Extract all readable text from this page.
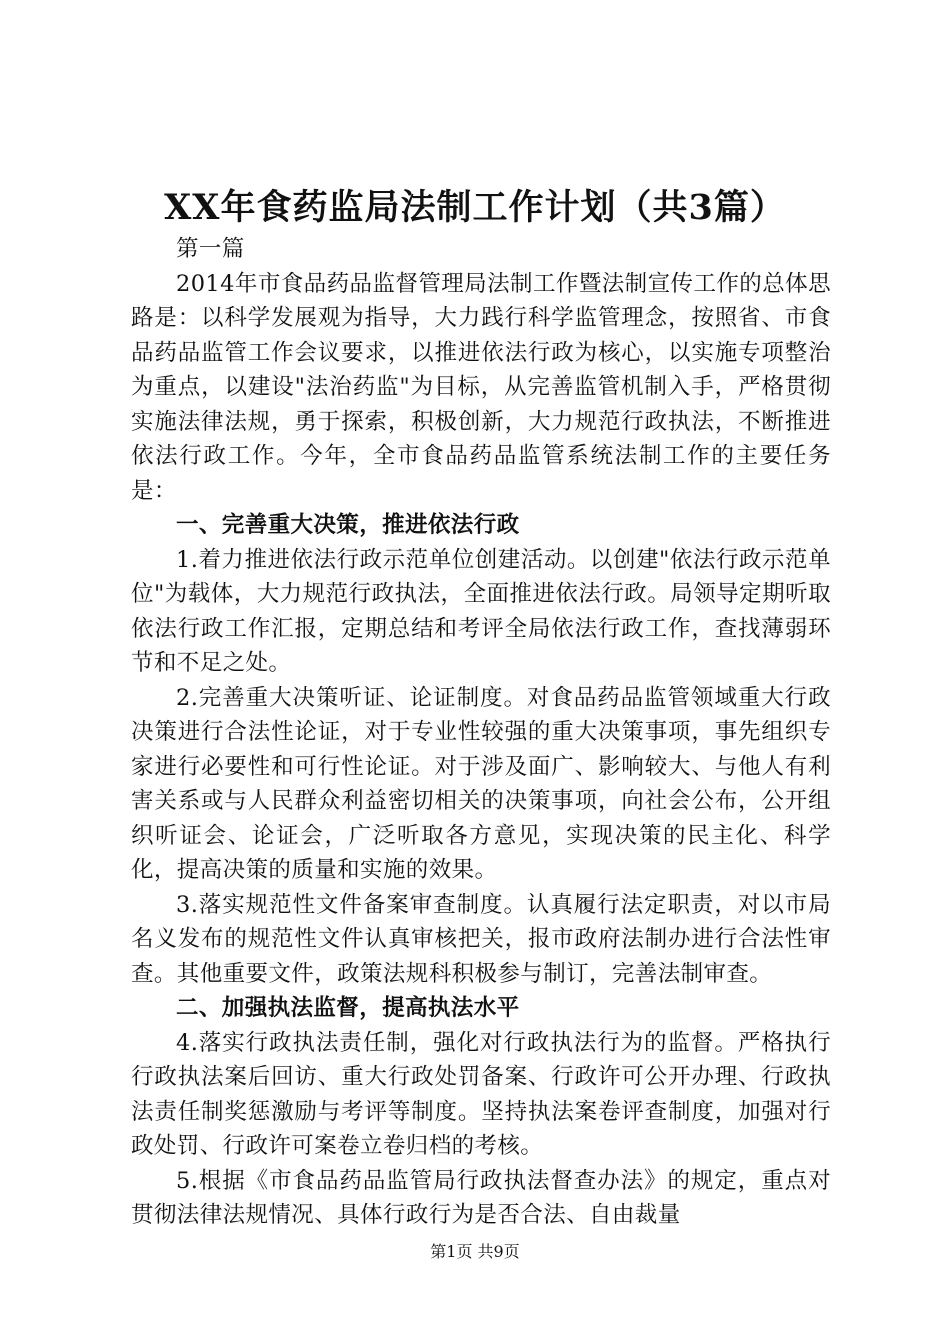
XX年食药监局法制工作计划（共3篇）

第一篇

2014年市食品药品监督管理局法制工作暨法制宣传工作的总体思路是：以科学发展观为指导，大力践行科学监管理念，按照省、市食品药品监管工作会议要求，以推进依法行政为核心，以实施专项整治为重点，以建设"法治药监"为目标，从完善监管机制入手，严格贯彻实施法律法规，勇于探索，积极创新，大力规范行政执法，不断推进依法行政工作。今年，全市食品药品监管系统法制工作的主要任务是：

一、完善重大决策，推进依法行政

1.着力推进依法行政示范单位创建活动。以创建"依法行政示范单位"为载体，大力规范行政执法，全面推进依法行政。局领导定期听取依法行政工作汇报，定期总结和考评全局依法行政工作，查找薄弱环节和不足之处。

2.完善重大决策听证、论证制度。对食品药品监管领域重大行政决策进行合法性论证，对于专业性较强的重大决策事项，事先组织专家进行必要性和可行性论证。对于涉及面广、影响较大、与他人有利害关系或与人民群众利益密切相关的决策事项，向社会公布，公开组织听证会、论证会，广泛听取各方意见，实现决策的民主化、科学化，提高决策的质量和实施的效果。

3.落实规范性文件备案审查制度。认真履行法定职责，对以市局名义发布的规范性文件认真审核把关，报市政府法制办进行合法性审查。其他重要文件，政策法规科积极参与制订，完善法制审查。

二、加强执法监督，提高执法水平

4.落实行政执法责任制，强化对行政执法行为的监督。严格执行行政执法案后回访、重大行政处罚备案、行政许可公开办理、行政执法责任制奖惩激励与考评等制度。坚持执法案卷评查制度，加强对行政处罚、行政许可案卷立卷归档的考核。

5.根据《市食品药品监管局行政执法督查办法》的规定，重点对贯彻法律法规情况、具体行政行为是否合法、自由裁量

第1页 共9页
